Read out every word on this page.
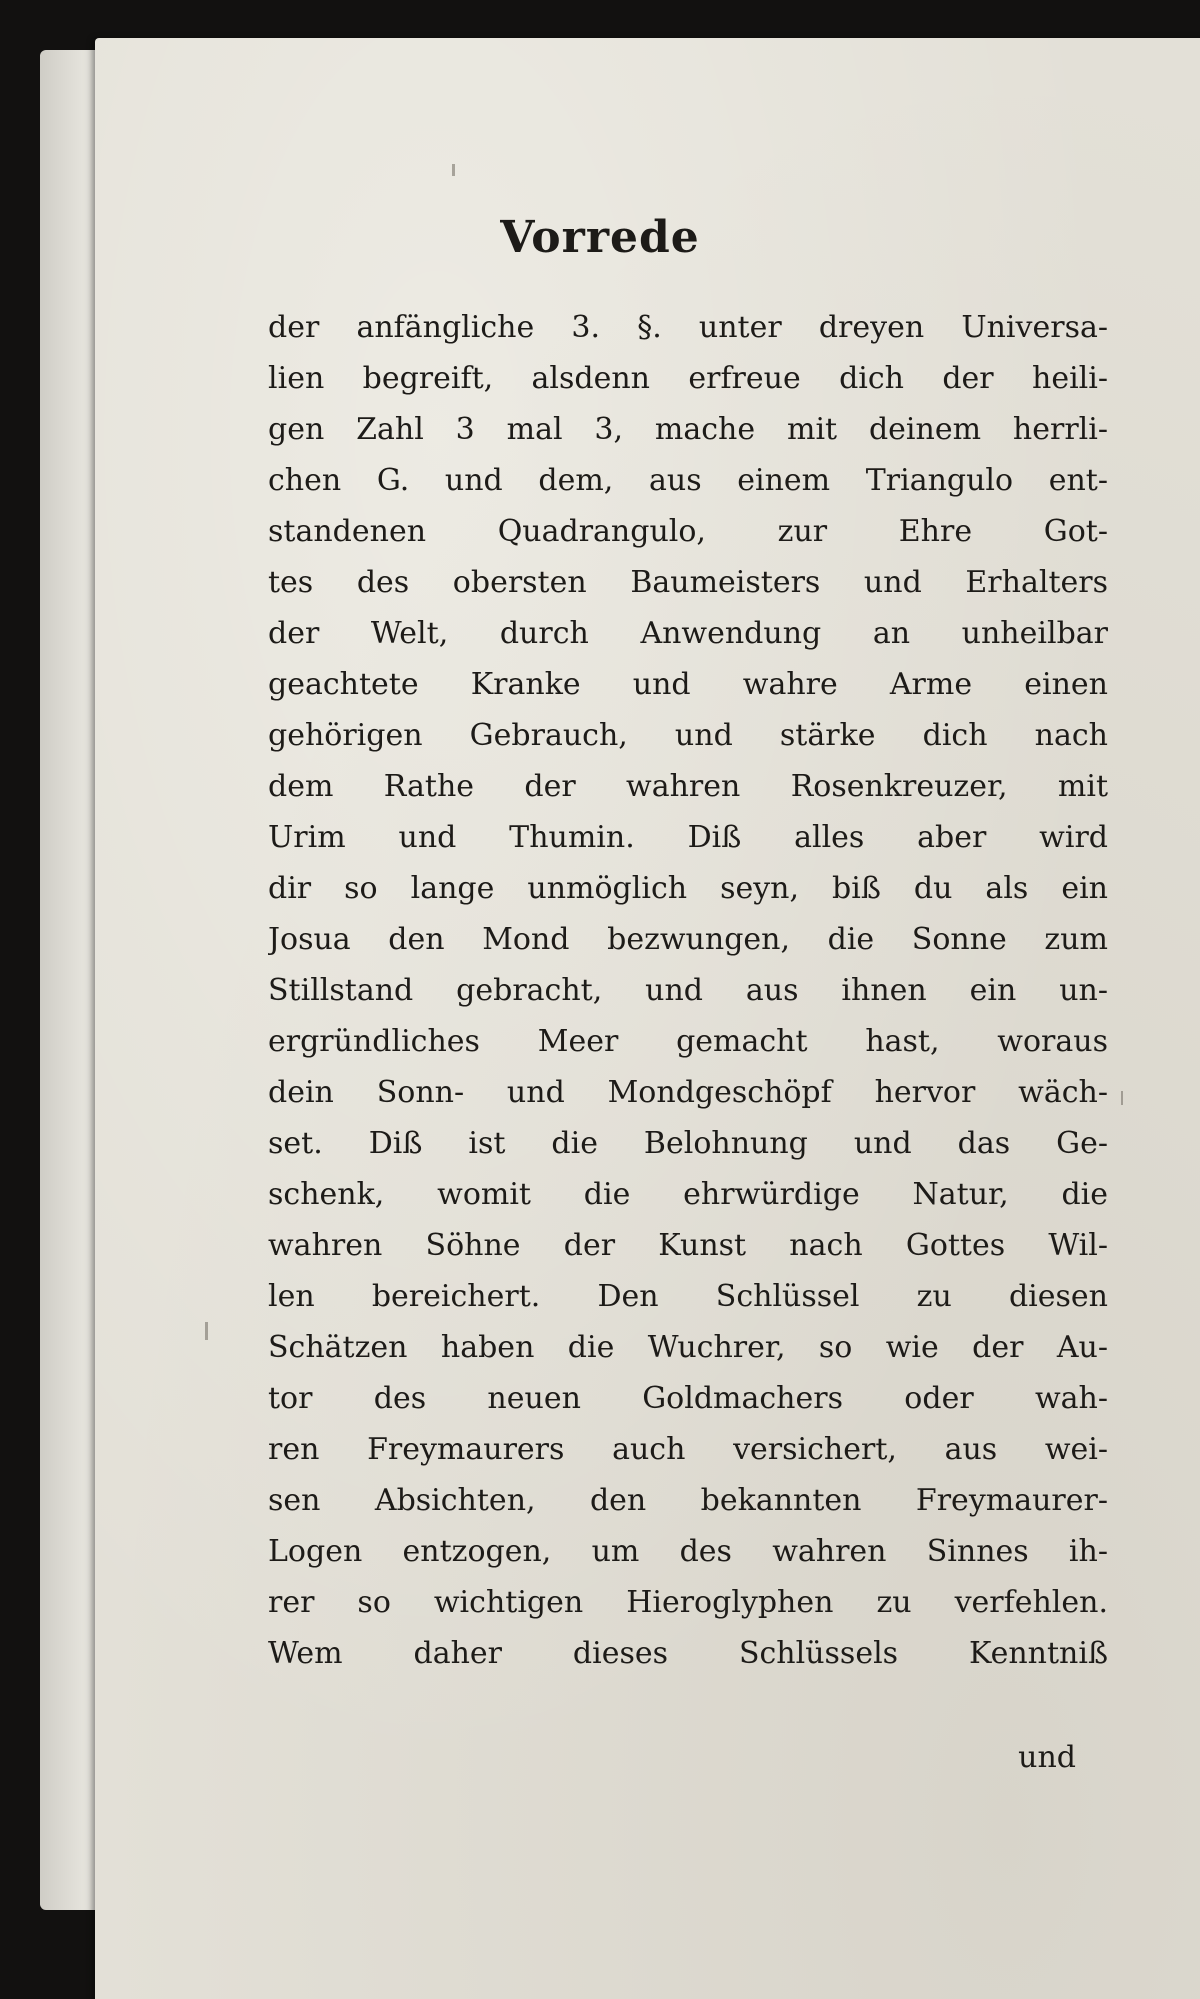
Vorrede
der anfängliche 3. §. unter dreyen Universa-
lien begreift, alsdenn erfreue dich der heili-
gen Zahl 3 mal 3, mache mit deinem herrli-
chen G. und dem, aus einem Triangulo ent-
standenen Quadrangulo, zur Ehre Got-
tes des obersten Baumeisters und Erhalters
der Welt, durch Anwendung an unheilbar
geachtete Kranke und wahre Arme einen
gehörigen Gebrauch, und stärke dich nach
dem Rathe der wahren Rosenkreuzer, mit
Urim und Thumin. Diß alles aber wird
dir so lange unmöglich seyn, biß du als ein
Josua den Mond bezwungen, die Sonne zum
Stillstand gebracht, und aus ihnen ein un-
ergründliches Meer gemacht hast, woraus
dein Sonn- und Mondgeschöpf hervor wäch-
set. Diß ist die Belohnung und das Ge-
schenk, womit die ehrwürdige Natur, die
wahren Söhne der Kunst nach Gottes Wil-
len bereichert. Den Schlüssel zu diesen
Schätzen haben die Wuchrer, so wie der Au-
tor des neuen Goldmachers oder wah-
ren Freymaurers auch versichert, aus wei-
sen Absichten, den bekannten Freymaurer-
Logen entzogen, um des wahren Sinnes ih-
rer so wichtigen Hieroglyphen zu verfehlen.
Wem daher dieses Schlüssels Kenntniß
und
